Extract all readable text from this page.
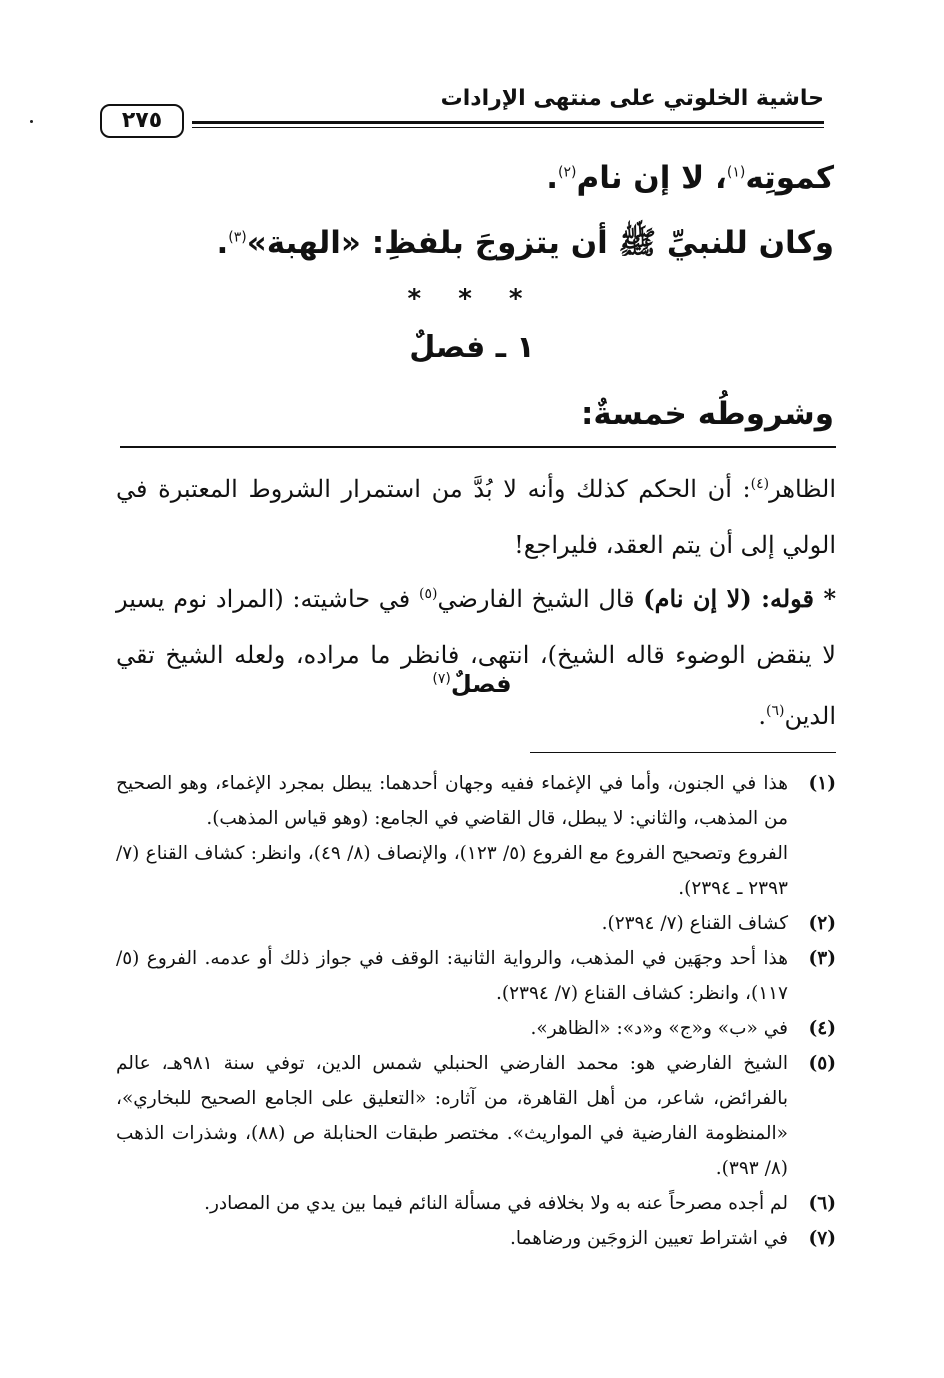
حاشية الخلوتي على منتهى الإرادات
٢٧٥
كموتِه$^{(١)}$، لا إن نام$^{(٢)}$.
وكان للنبيِّ ﷺ أن يتزوجَ بلفظِ: «الهبة»$^{(٣)}$.
* * *
١ ـ فصلٌ
وشروطُه خمسةٌ:
الظاهر$^{(٤)}$: أن الحكم كذلك وأنه لا بُدَّ من استمرار الشروط المعتبرة في الولي إلى أن يتم العقد، فليراجع!
* قوله: (لا إن نام) قال الشيخ الفارضي$^{(٥)}$ في حاشيته: (المراد نوم يسير لا ينقض الوضوء قاله الشيخ)، انتهى، فانظر ما مراده، ولعله الشيخ تقي الدين$^{(٦)}$.
فصلٌ$^{(٧)}$
(١)
هذا في الجنون، وأما في الإغماء ففيه وجهان أحدهما: يبطل بمجرد الإغماء، وهو الصحيح من المذهب، والثاني: لا يبطل، قال القاضي في الجامع: (وهو قياس المذهب).
الفروع وتصحيح الفروع مع الفروع (٥/ ١٢٣)، والإنصاف (٨/ ٤٩)، وانظر: كشاف القناع (٧/ ٢٣٩٣ ـ ٢٣٩٤).
(٢)
كشاف القناع (٧/ ٢٣٩٤).
(٣)
هذا أحد وجهَين في المذهب، والرواية الثانية: الوقف في جواز ذلك أو عدمه. الفروع (٥/ ١١٧)، وانظر: كشاف القناع (٧/ ٢٣٩٤).
(٤)
في «ب» و«ج» و«د»: «الظاهر».
(٥)
الشيخ الفارضي هو: محمد الفارضي الحنبلي شمس الدين، توفي سنة ٩٨١هـ، عالم بالفرائض، شاعر، من أهل القاهرة، من آثاره: «التعليق على الجامع الصحيح للبخاري»، «المنظومة الفارضية في المواريث». مختصر طبقات الحنابلة ص (٨٨)، وشذرات الذهب (٨/ ٣٩٣).
(٦)
لم أجده مصرحاً عنه به ولا بخلافه في مسألة النائم فيما بين يدي من المصادر.
(٧)
في اشتراط تعيين الزوجَين ورضاهما.
